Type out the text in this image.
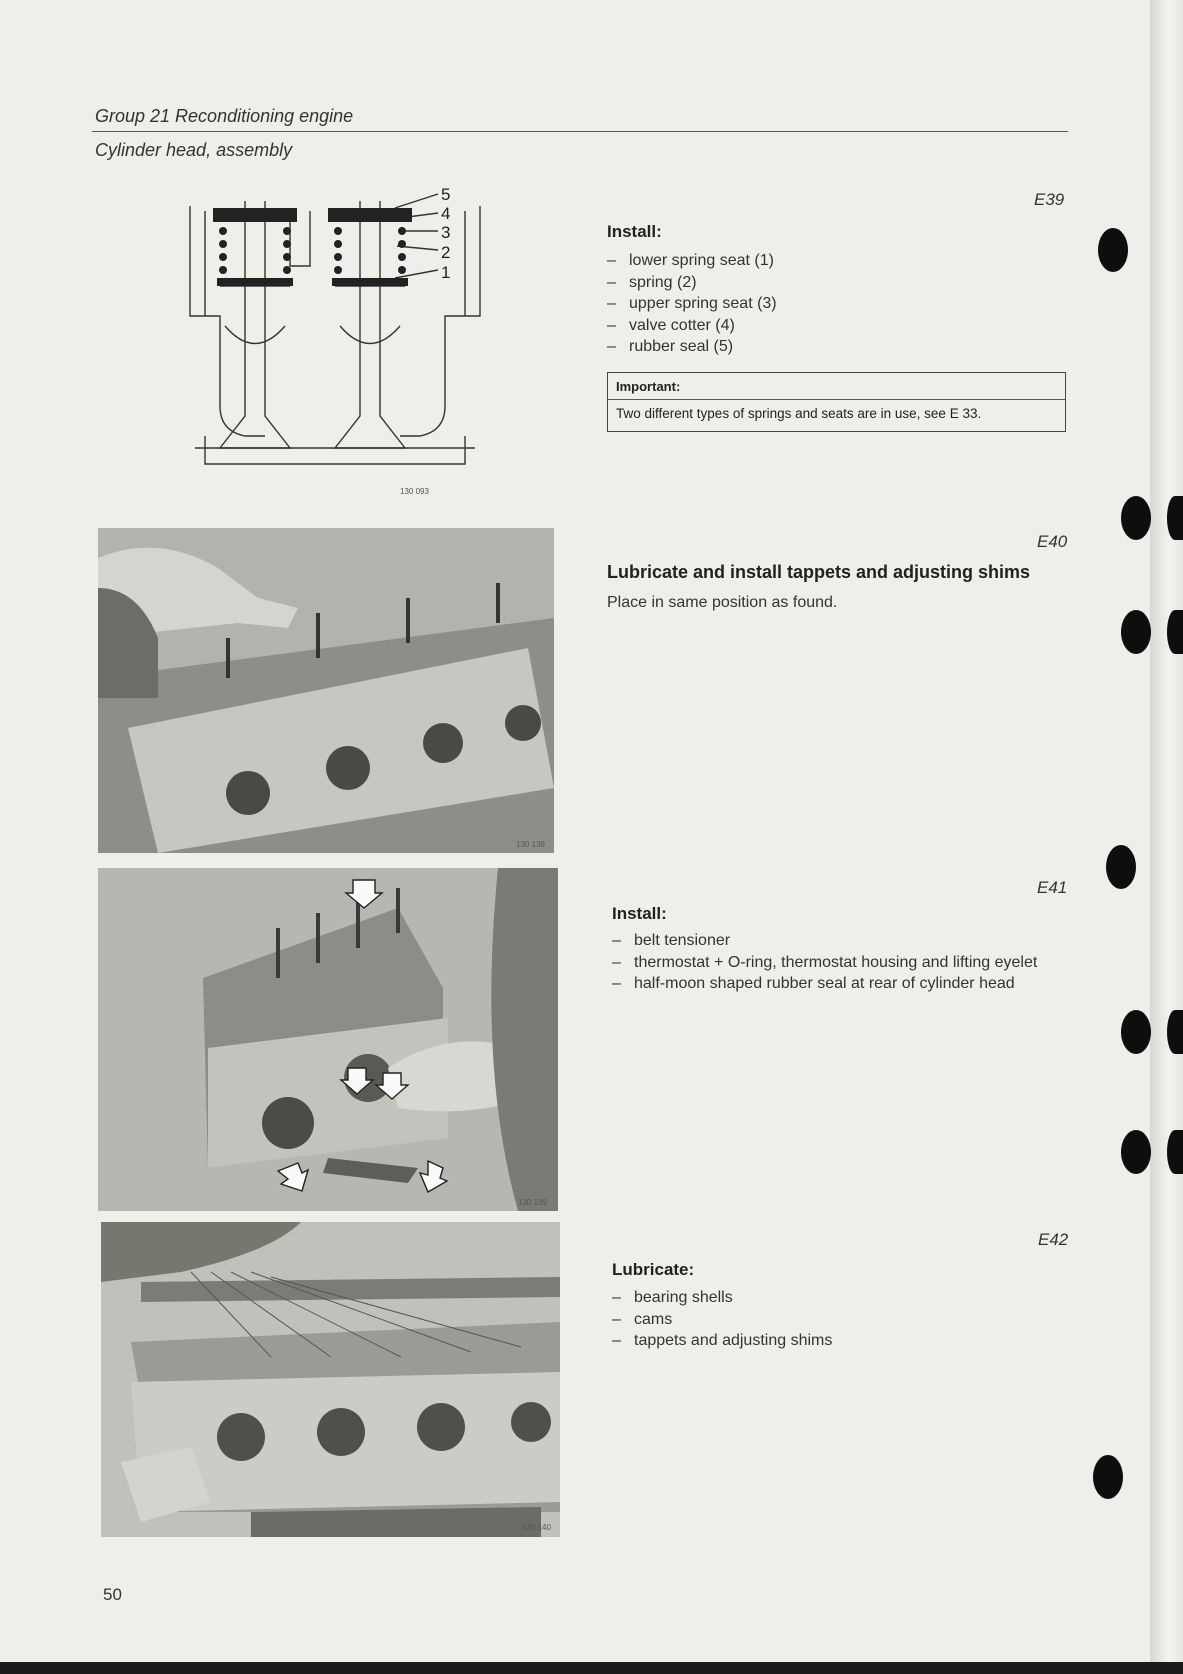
Group 21 Reconditioning engine
Cylinder head, assembly
5
4
3
2
1
130 093
130 138
130 139
130 140
E39
Install:
– lower spring seat (1)
– spring (2)
– upper spring seat (3)
– valve cotter (4)
– rubber seal (5)
Important:
Two different types of springs and seats are in use, see E 33.
E40
Lubricate and install tappets and adjusting shims
Place in same position as found.
E41
Install:
– belt tensioner
– thermostat + O-ring, thermostat housing and lifting eyelet
– half-moon shaped rubber seal at rear of cylinder head
E42
Lubricate:
– bearing shells
– cams
– tappets and adjusting shims
50
